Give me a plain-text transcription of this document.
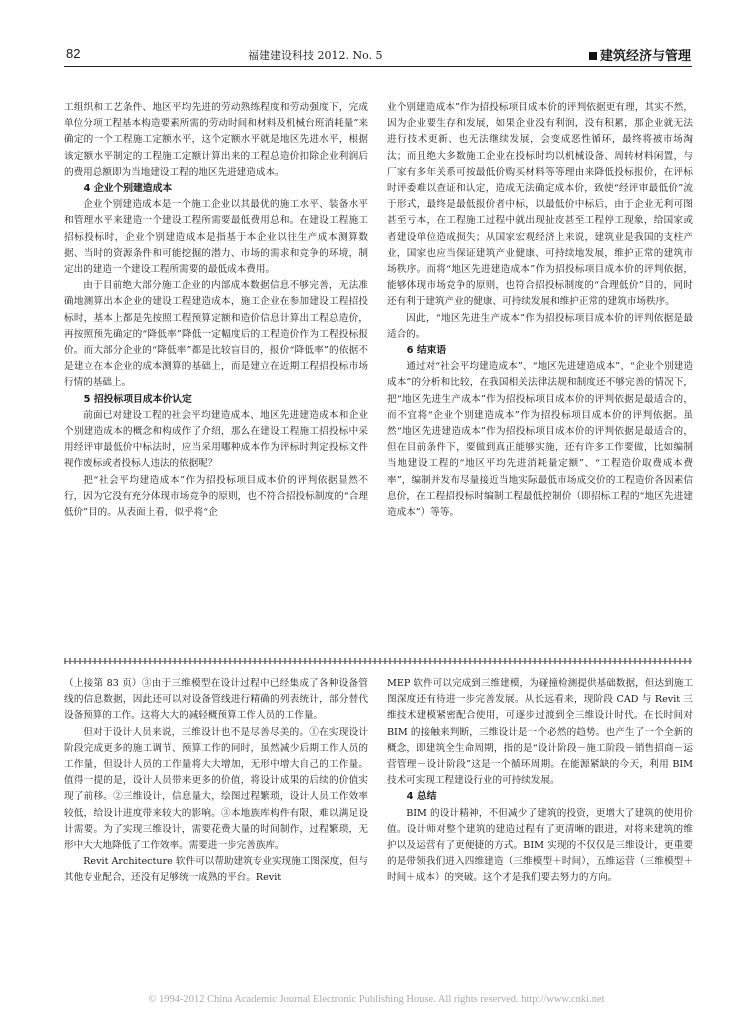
82	福建建设科技 2012. No. 5	建筑经济与管理

工组织和工艺条件、地区平均先进的劳动熟练程度和劳动强度下，完成单位分项工程基本构造要素所需的劳动时间和材料及机械台班消耗量”来确定的一个工程施工定额水平，这个定额水平就是地区先进水平，根据该定额水平制定的工程施工定额计算出来的工程总造价扣除企业利润后的费用总额即为当地建设工程的地区先进建造成本。

4 企业个别建造成本

企业个别建造成本是一个施工企业以其最优的施工水平、装备水平和管理水平来建造一个建设工程所需要最低费用总和。在建设工程施工招标投标时，企业个别建造成本是指基于本企业以往生产成本测算数据、当时的资源条件和可能挖掘的潜力、市场的需求和竞争的环境，制定出的建造一个建设工程所需要的最低成本费用。

由于目前绝大部分施工企业的内部成本数据信息不够完善，无法准确地测算出本企业的建设工程建造成本，施工企业在参加建设工程招投标时，基本上都是先按照工程预算定额和造价信息计算出工程总造价，再按照预先确定的“降低率”降低一定幅度后的工程造价作为工程投标报价。而大部分企业的“降低率”都是比较盲目的，报价“降低率”的依据不是建立在本企业的成本测算的基础上，而是建立在近期工程招投标市场行情的基础上。

5 招投标项目成本价认定

前面已对建设工程的社会平均建造成本、地区先进建造成本和企业个别建造成本的概念和构成作了介绍，那么在建设工程施工招投标中采用经评审最低价中标法时，应当采用哪种成本作为评标时判定投标文件视作废标或者投标人违法的依据呢？

把“社会平均建造成本”作为招投标项目成本价的评判依据显然不行，因为它没有充分体现市场竞争的原则，也不符合招投标制度的“合理低价”目的。从表面上看，似乎将“企

业个别建造成本”作为招投标项目成本价的评判依据更有理，其实不然，因为企业要生存和发展，如果企业没有利润，没有积累，那企业就无法进行技术更新、也无法继续发展，会变成恶性循环，最终将被市场淘汰；而且绝大多数施工企业在投标时均以机械设备、周转材料闲置，与厂家有多年关系可按最低价购买材料等等理由来降低投标报价，在评标时评委难以查证和认定，造成无法确定成本价，致使“经评审最低价”流于形式，最终是最低报价者中标，以最低价中标后，由于企业无利可图甚至亏本，在工程施工过程中就出现扯皮甚至工程停工现象，给国家或者建设单位造成损失；从国家宏观经济上来说，建筑业是我国的支柱产业，国家也应当保证建筑产业健康、可持续地发展，维护正常的建筑市场秩序。而将“地区先进建造成本”作为招投标项目成本价的评判依据，能够体现市场竞争的原则，也符合招投标制度的“合理低价”目的，同时还有利于建筑产业的健康、可持续发展和维护正常的建筑市场秩序。

因此，“地区先进生产成本”作为招投标项目成本价的评判依据是最适合的。

6 结束语

通过对“社会平均建造成本”、“地区先进建造成本”、“企业个别建造成本”的分析和比较，在我国相关法律法规和制度还不够完善的情况下，把“地区先进生产成本”作为招投标项目成本价的评判依据是最适合的，而不宜将“企业个别建造成本”作为招投标项目成本价的评判依据。虽然“地区先进建造成本”作为招投标项目成本价的评判依据是最适合的，但在目前条件下，要做到真正能够实施，还有许多工作要做，比如编制当地建设工程的“地区平均先进消耗量定额”、“工程造价取费成本费率”，编制并发布尽量接近当地实际最低市场成交价的工程造价各因素信息价，在工程招投标时编制工程最低控制价（即招标工程的“地区先进建造成本”）等等。

（上接第 83 页）③由于三维模型在设计过程中已经集成了各种设备管线的信息数据，因此还可以对设备管线进行精确的列表统计，部分替代设备预算的工作。这将大大的减轻概预算工作人员的工作量。

但对于设计人员来说，三维设计也不是尽善尽美的。①在实现设计阶段完成更多的施工调节、预算工作的同时，虽然减少后期工作人员的工作量，但设计人员的工作量将大大增加，无形中增大自己的工作量。值得一提的是，设计人员带来更多的价值，将设计成果的后续的价值实现了前移。②三维设计，信息量大，绘图过程繁琐，设计人员工作效率较低，给设计进度带来较大的影响。③本地族库构件有限，难以满足设计需要。为了实现三维设计，需要花费大量的时间制作，过程繁琐，无形中大大地降低了工作效率。需要进一步完善族库。

Revit Architecture 软件可以帮助建筑专业实现施工图深度，但与其他专业配合，还没有足够统一成熟的平台。Revit

MEP 软件可以完成到三维建模，为碰撞检测提供基础数据，但达到施工图深度还有待进一步完善发展。从长远看来，现阶段 CAD 与 Revit 三维技术建模紧密配合使用，可逐步过渡到全三维设计时代。在长时间对 BIM 的接触来判断，三维设计是一个必然的趋势。也产生了一个全新的概念，即建筑全生命周期，指的是“设计阶段－施工阶段－销售招商－运营管理－设计阶段”这是一个循环周期。在能源紧缺的今天，利用 BIM 技术可实现工程建设行业的可持续发展。

4 总结

BIM 的设计精神，不但减少了建筑的投资，更增大了建筑的使用价值。设计师对整个建筑的建造过程有了更清晰的跟进，对将来建筑的维护以及运营有了更便捷的方式。BIM 实现的不仅仅是三维设计，更重要的是带领我们进入四维建造（三维模型＋时间），五维运营（三维模型＋时间＋成本）的突破。这个才是我们要去努力的方向。

© 1994-2012 China Academic Journal Electronic Publishing House. All rights reserved. http://www.cnki.net
